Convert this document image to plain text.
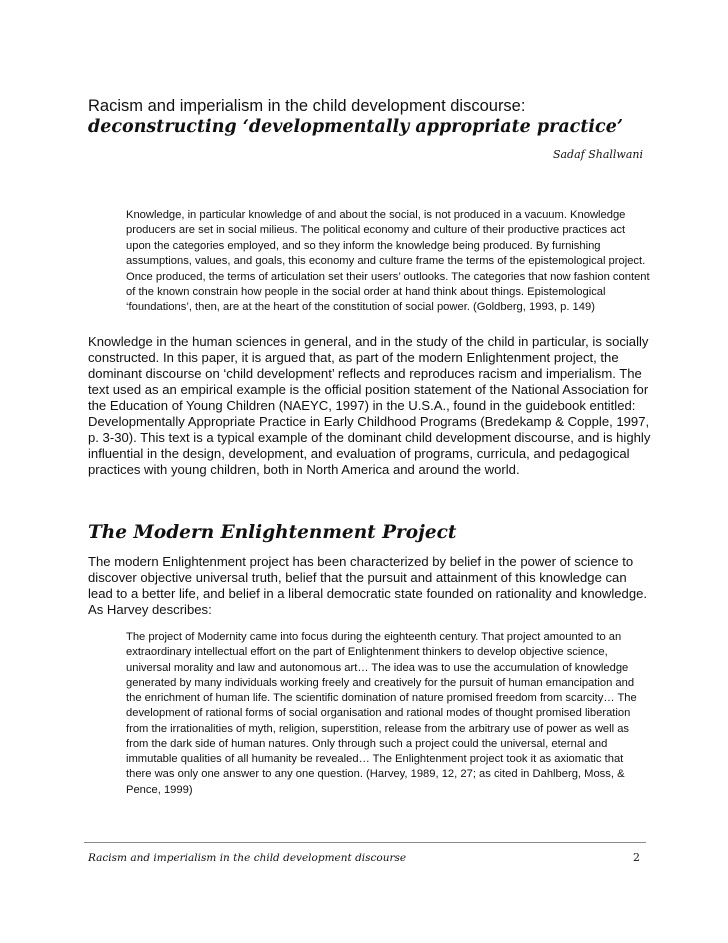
Racism and imperialism in the child development discourse:

deconstructing ‘developmentally appropriate practice’

Sadaf Shallwani

Knowledge, in particular knowledge of and about the social, is not produced in a vacuum. Knowledge producers are set in social milieus. The political economy and culture of their productive practices act upon the categories employed, and so they inform the knowledge being produced. By furnishing assumptions, values, and goals, this economy and culture frame the terms of the epistemological project. Once produced, the terms of articulation set their users’ outlooks. The categories that now fashion content of the known constrain how people in the social order at hand think about things. Epistemological ‘foundations’, then, are at the heart of the constitution of social power. (Goldberg, 1993, p. 149)

Knowledge in the human sciences in general, and in the study of the child in particular, is socially constructed. In this paper, it is argued that, as part of the modern Enlightenment project, the dominant discourse on ‘child development’ reflects and reproduces racism and imperialism. The text used as an empirical example is the official position statement of the National Association for the Education of Young Children (NAEYC, 1997) in the U.S.A., found in the guidebook entitled: Developmentally Appropriate Practice in Early Childhood Programs (Bredekamp & Copple, 1997, p. 3-30). This text is a typical example of the dominant child development discourse, and is highly influential in the design, development, and evaluation of programs, curricula, and pedagogical practices with young children, both in North America and around the world.

The Modern Enlightenment Project

The modern Enlightenment project has been characterized by belief in the power of science to discover objective universal truth, belief that the pursuit and attainment of this knowledge can lead to a better life, and belief in a liberal democratic state founded on rationality and knowledge. As Harvey describes:

The project of Modernity came into focus during the eighteenth century. That project amounted to an extraordinary intellectual effort on the part of Enlightenment thinkers to develop objective science, universal morality and law and autonomous art… The idea was to use the accumulation of knowledge generated by many individuals working freely and creatively for the pursuit of human emancipation and the enrichment of human life. The scientific domination of nature promised freedom from scarcity… The development of rational forms of social organisation and rational modes of thought promised liberation from the irrationalities of myth, religion, superstition, release from the arbitrary use of power as well as from the dark side of human natures. Only through such a project could the universal, eternal and immutable qualities of all humanity be revealed… The Enlightenment project took it as axiomatic that there was only one answer to any one question. (Harvey, 1989, 12, 27; as cited in Dahlberg, Moss, & Pence, 1999)

Racism and imperialism in the child development discourse	2
